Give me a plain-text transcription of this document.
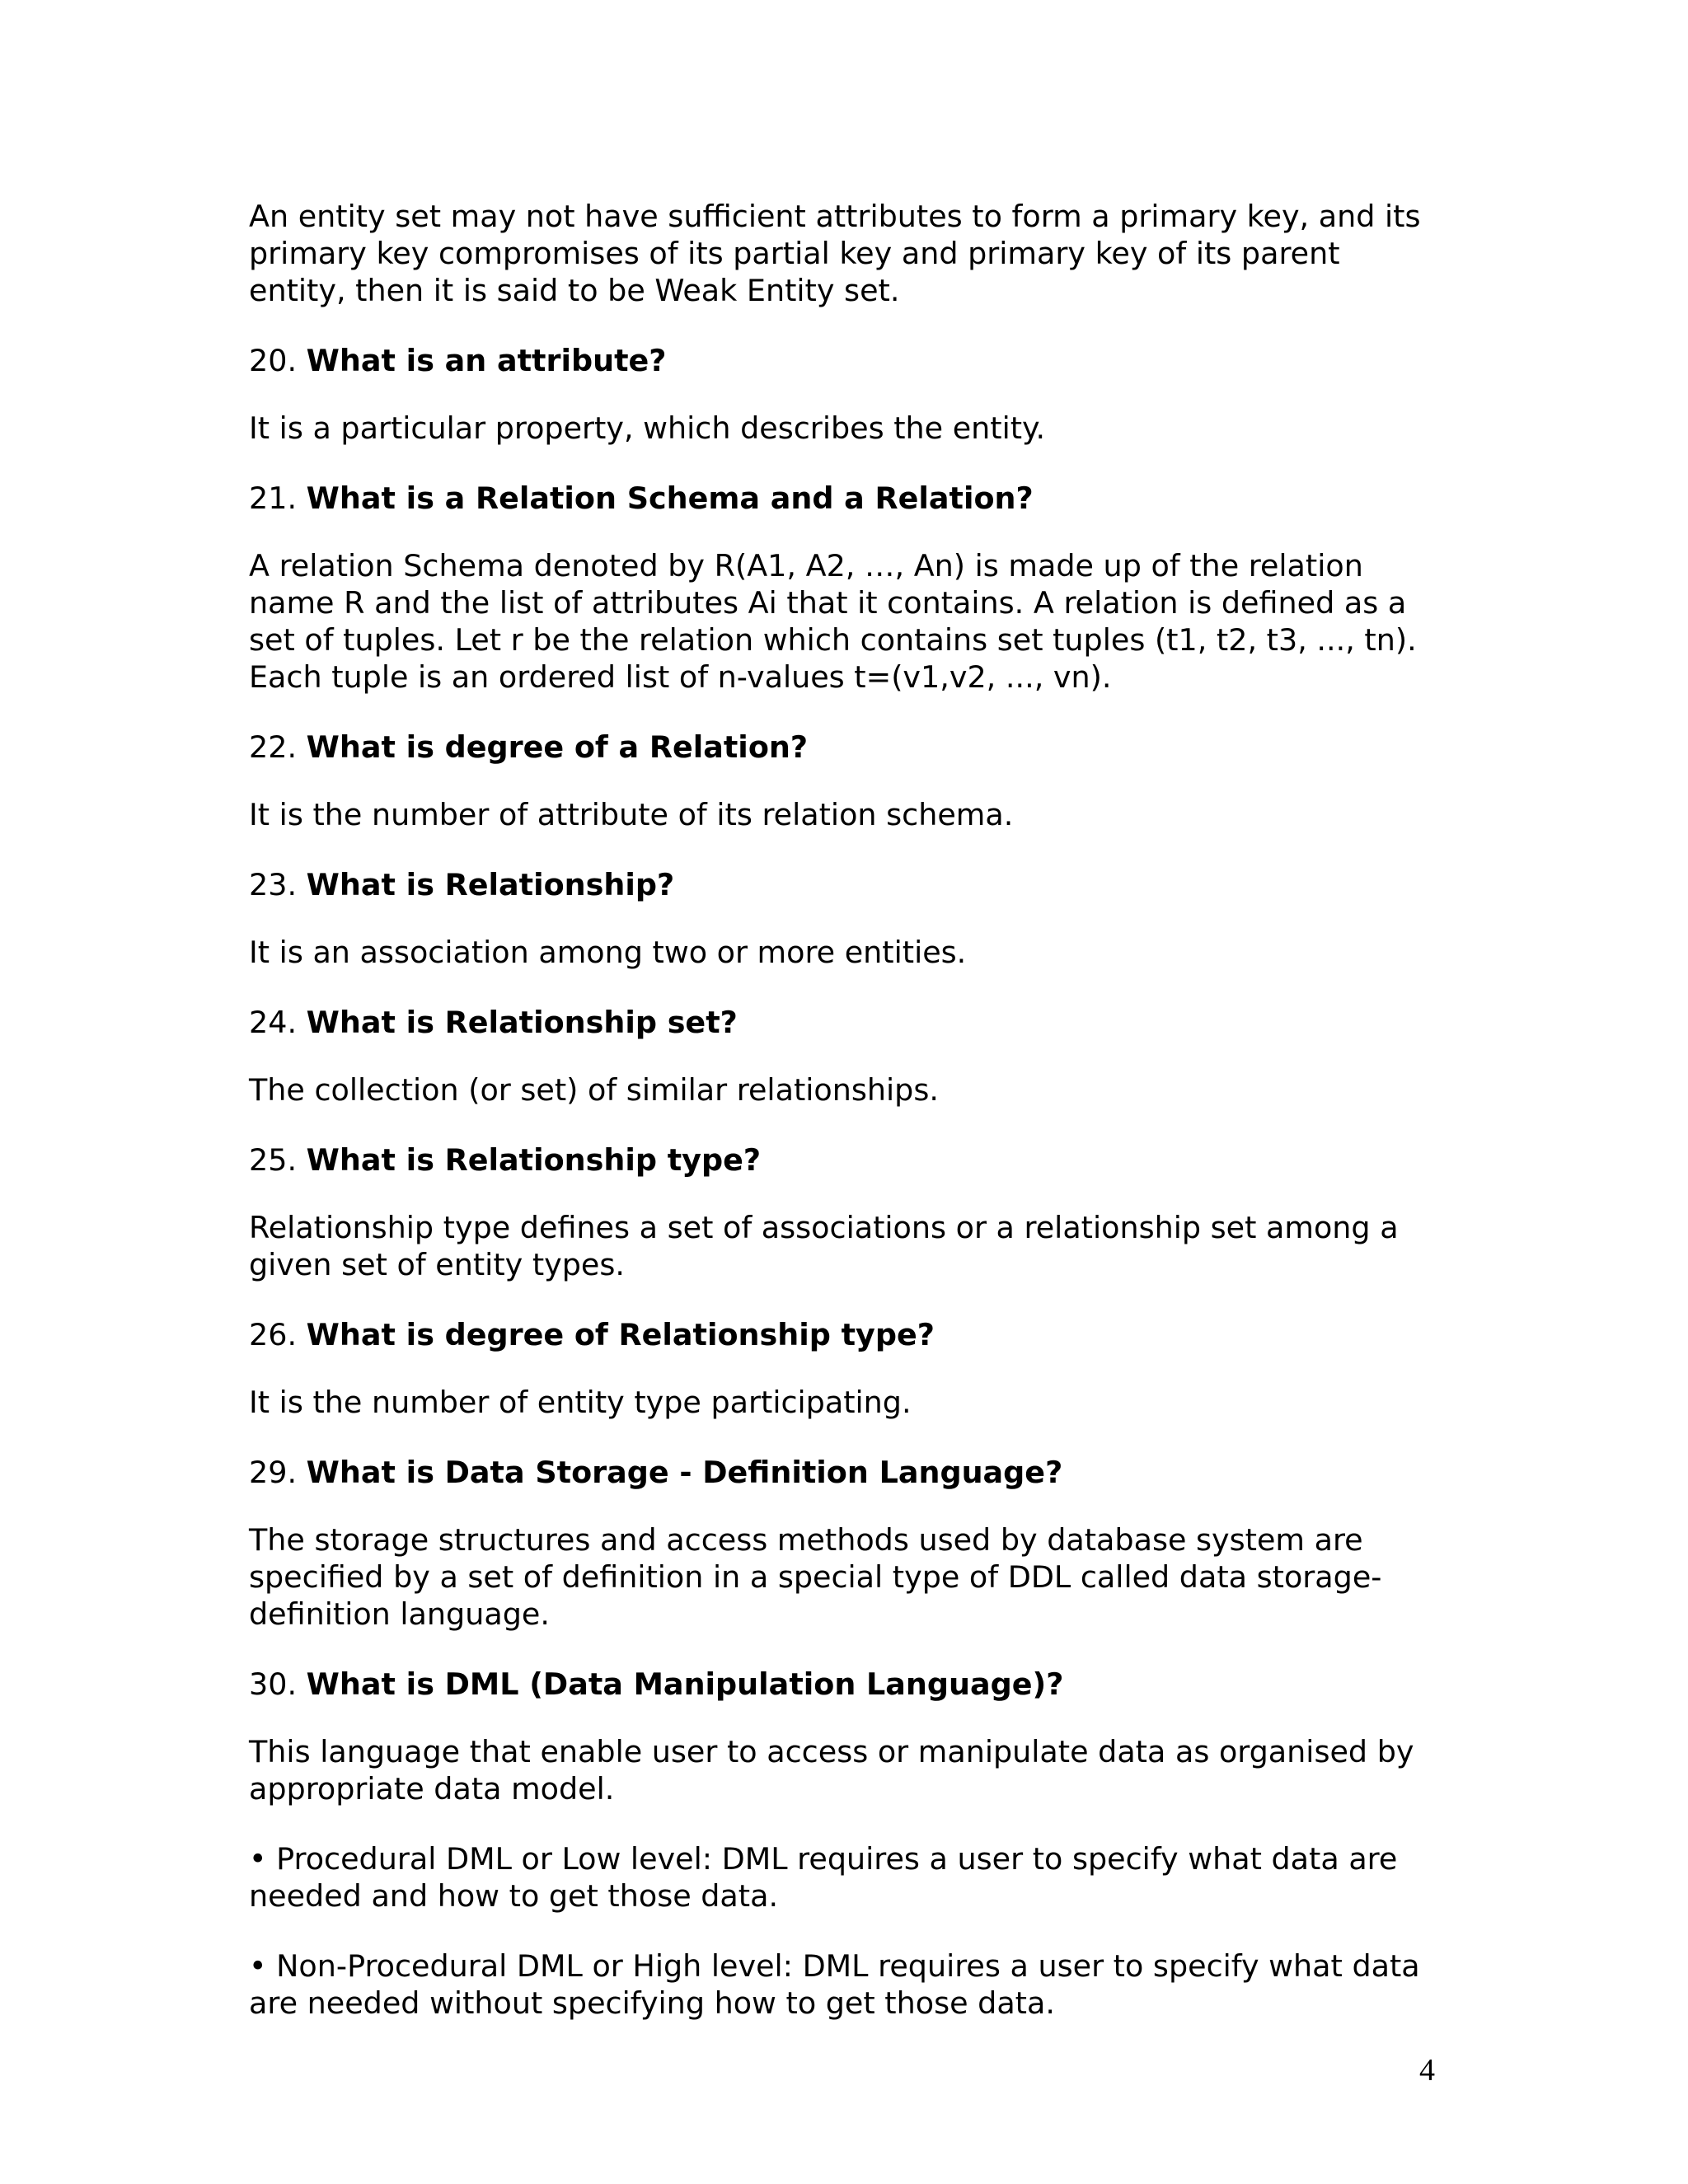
An entity set may not have sufficient attributes to form a primary key, and its primary key compromises of its partial key and primary key of its parent entity, then it is said to be Weak Entity set.

20. What is an attribute?

It is a particular property, which describes the entity.

21. What is a Relation Schema and a Relation?

A relation Schema denoted by R(A1, A2, …, An) is made up of the relation name R and the list of attributes Ai that it contains. A relation is defined as a set of tuples. Let r be the relation which contains set tuples (t1, t2, t3, ..., tn). Each tuple is an ordered list of n-values t=(v1,v2, ..., vn).

22. What is degree of a Relation?

It is the number of attribute of its relation schema.

23. What is Relationship?

It is an association among two or more entities.

24. What is Relationship set?

The collection (or set) of similar relationships.

25. What is Relationship type?

Relationship type defines a set of associations or a relationship set among a given set of entity types.

26. What is degree of Relationship type?

It is the number of entity type participating.

29. What is Data Storage - Definition Language?

The storage structures and access methods used by database system are specified by a set of definition in a special type of DDL called data storage-definition language.

30. What is DML (Data Manipulation Language)?

This language that enable user to access or manipulate data as organised by appropriate data model.

• Procedural DML or Low level: DML requires a user to specify what data are needed and how to get those data.

• Non-Procedural DML or High level: DML requires a user to specify what data are needed without specifying how to get those data.

4
